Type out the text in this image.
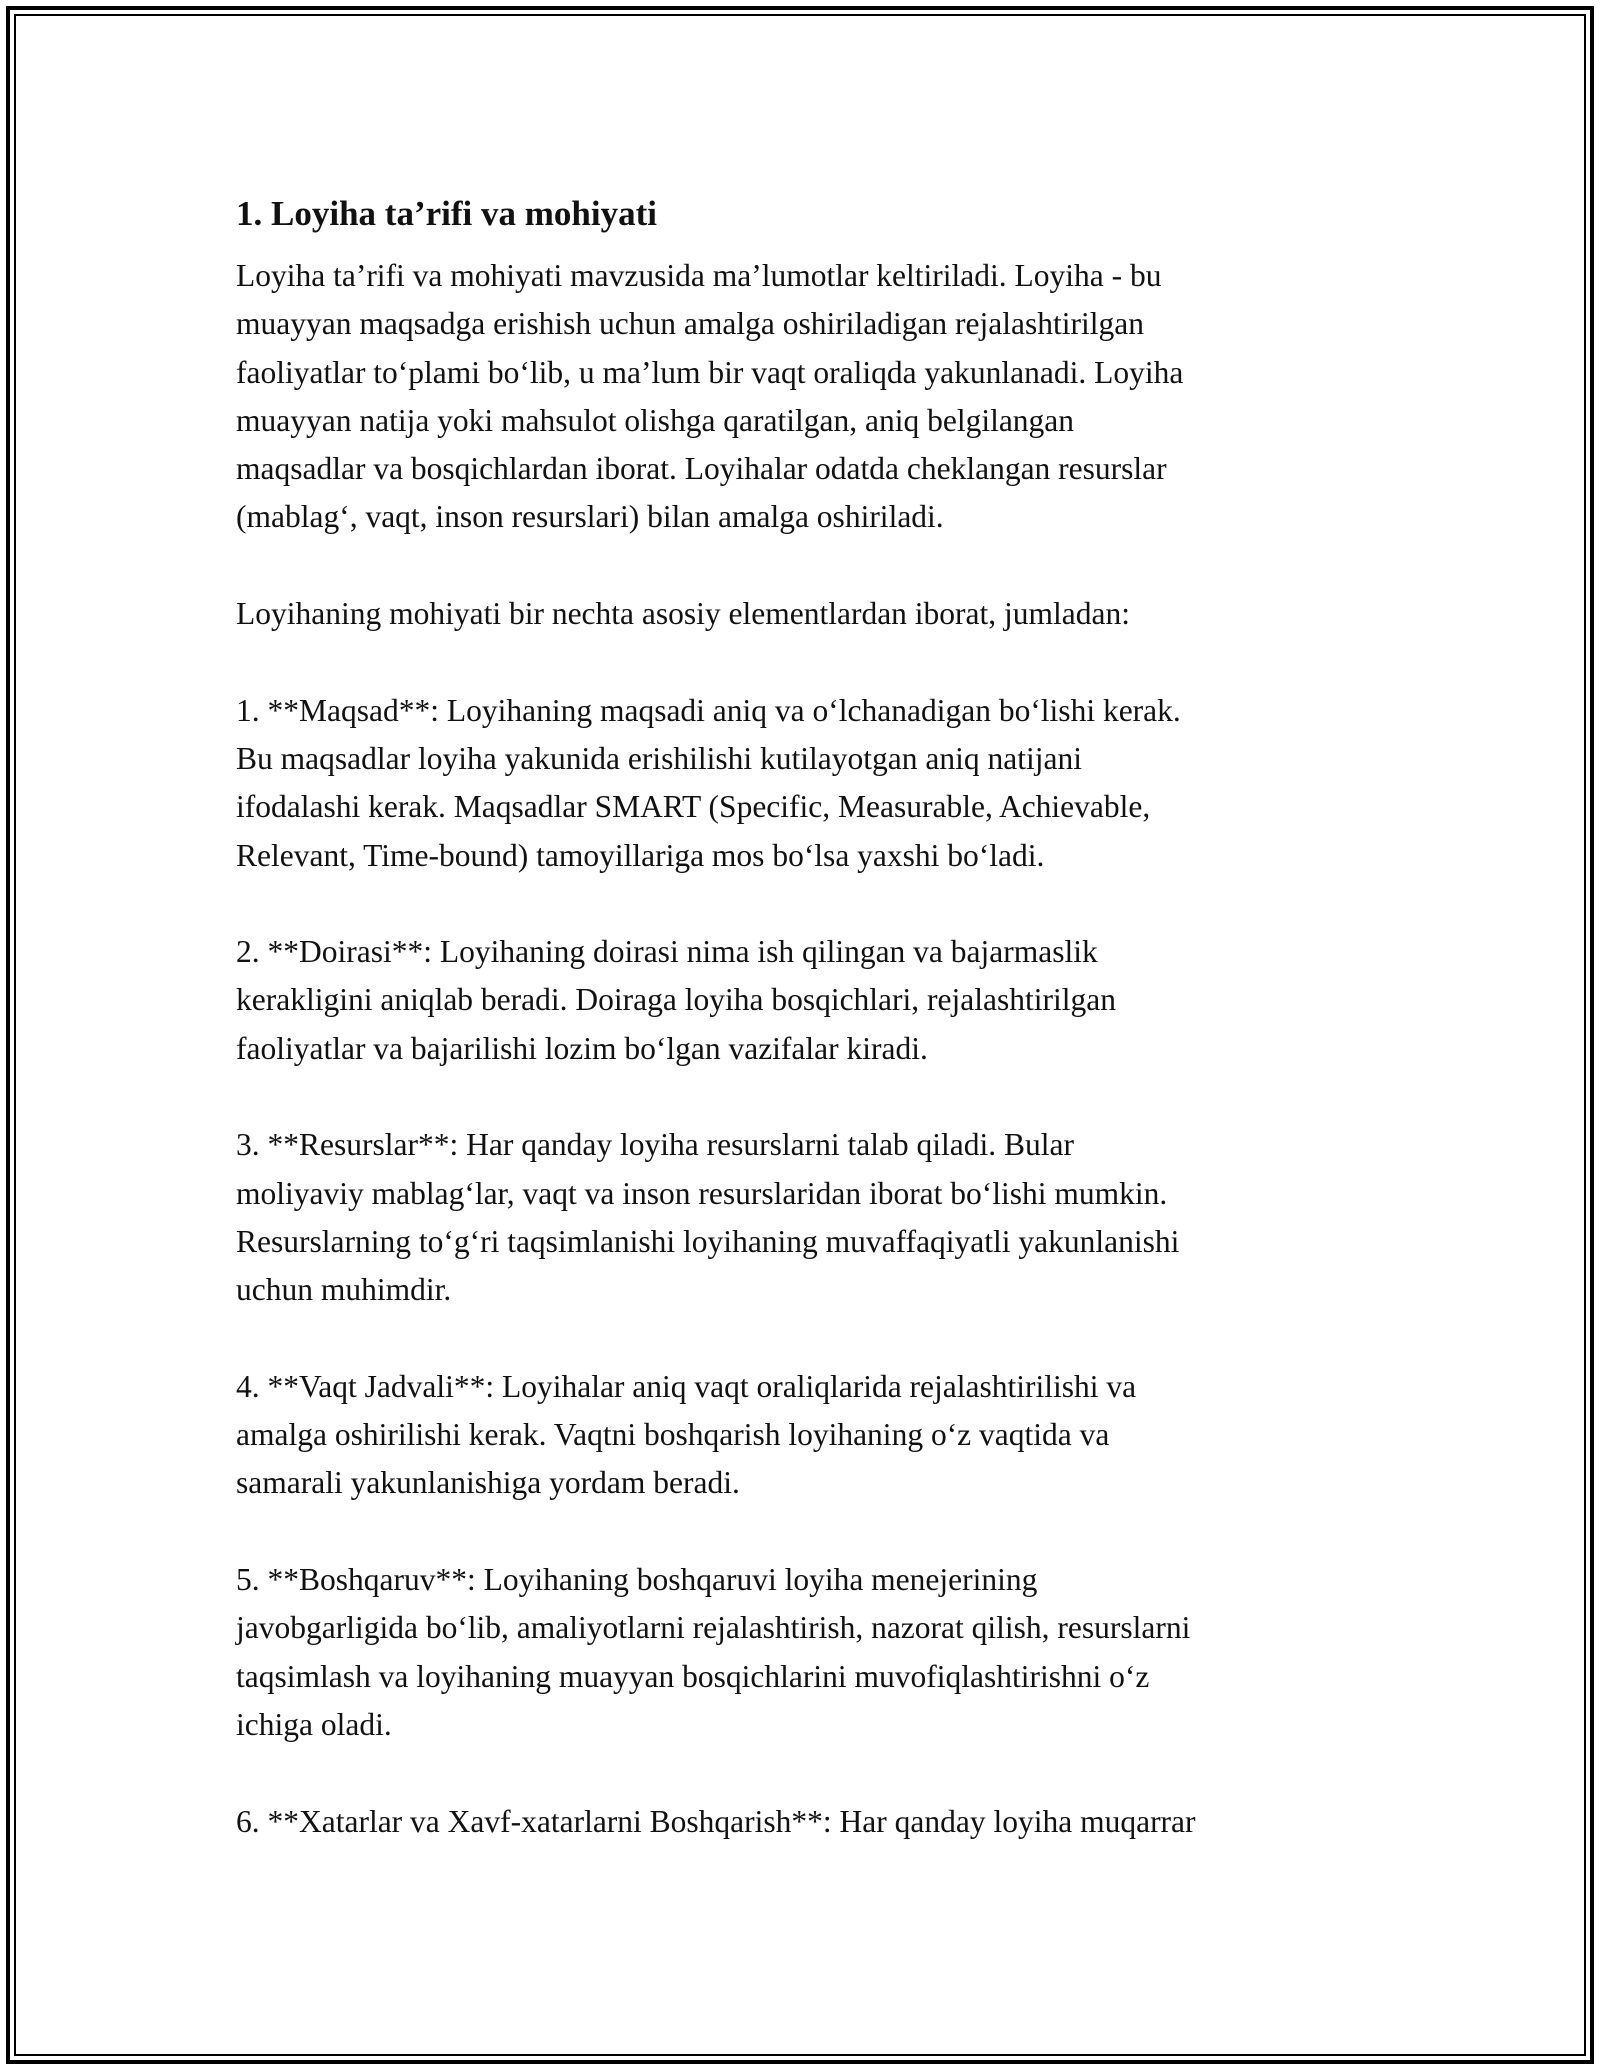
1. Loyiha ta’rifi va mohiyati

Loyiha ta’rifi va mohiyati mavzusida ma’lumotlar keltiriladi. Loyiha - bu
muayyan maqsadga erishish uchun amalga oshiriladigan rejalashtirilgan
faoliyatlar to‘plami bo‘lib, u ma’lum bir vaqt oraliqda yakunlanadi. Loyiha
muayyan natija yoki mahsulot olishga qaratilgan, aniq belgilangan
maqsadlar va bosqichlardan iborat. Loyihalar odatda cheklangan resurslar
(mablag‘, vaqt, inson resurslari) bilan amalga oshiriladi.

Loyihaning mohiyati bir nechta asosiy elementlardan iborat, jumladan:

1. **Maqsad**: Loyihaning maqsadi aniq va o‘lchanadigan bo‘lishi kerak.
Bu maqsadlar loyiha yakunida erishilishi kutilayotgan aniq natijani
ifodalashi kerak. Maqsadlar SMART (Specific, Measurable, Achievable,
Relevant, Time-bound) tamoyillariga mos bo‘lsa yaxshi bo‘ladi.

2. **Doirasi**: Loyihaning doirasi nima ish qilingan va bajarmaslik
kerakligini aniqlab beradi. Doiraga loyiha bosqichlari, rejalashtirilgan
faoliyatlar va bajarilishi lozim bo‘lgan vazifalar kiradi.

3. **Resurslar**: Har qanday loyiha resurslarni talab qiladi. Bular
moliyaviy mablag‘lar, vaqt va inson resurslaridan iborat bo‘lishi mumkin.
Resurslarning to‘g‘ri taqsimlanishi loyihaning muvaffaqiyatli yakunlanishi
uchun muhimdir.

4. **Vaqt Jadvali**: Loyihalar aniq vaqt oraliqlarida rejalashtirilishi va
amalga oshirilishi kerak. Vaqtni boshqarish loyihaning o‘z vaqtida va
samarali yakunlanishiga yordam beradi.

5. **Boshqaruv**: Loyihaning boshqaruvi loyiha menejerining
javobgarligida bo‘lib, amaliyotlarni rejalashtirish, nazorat qilish, resurslarni
taqsimlash va loyihaning muayyan bosqichlarini muvofiqlashtirishni o‘z
ichiga oladi.

6. **Xatarlar va Xavf-xatarlarni Boshqarish**: Har qanday loyiha muqarrar
